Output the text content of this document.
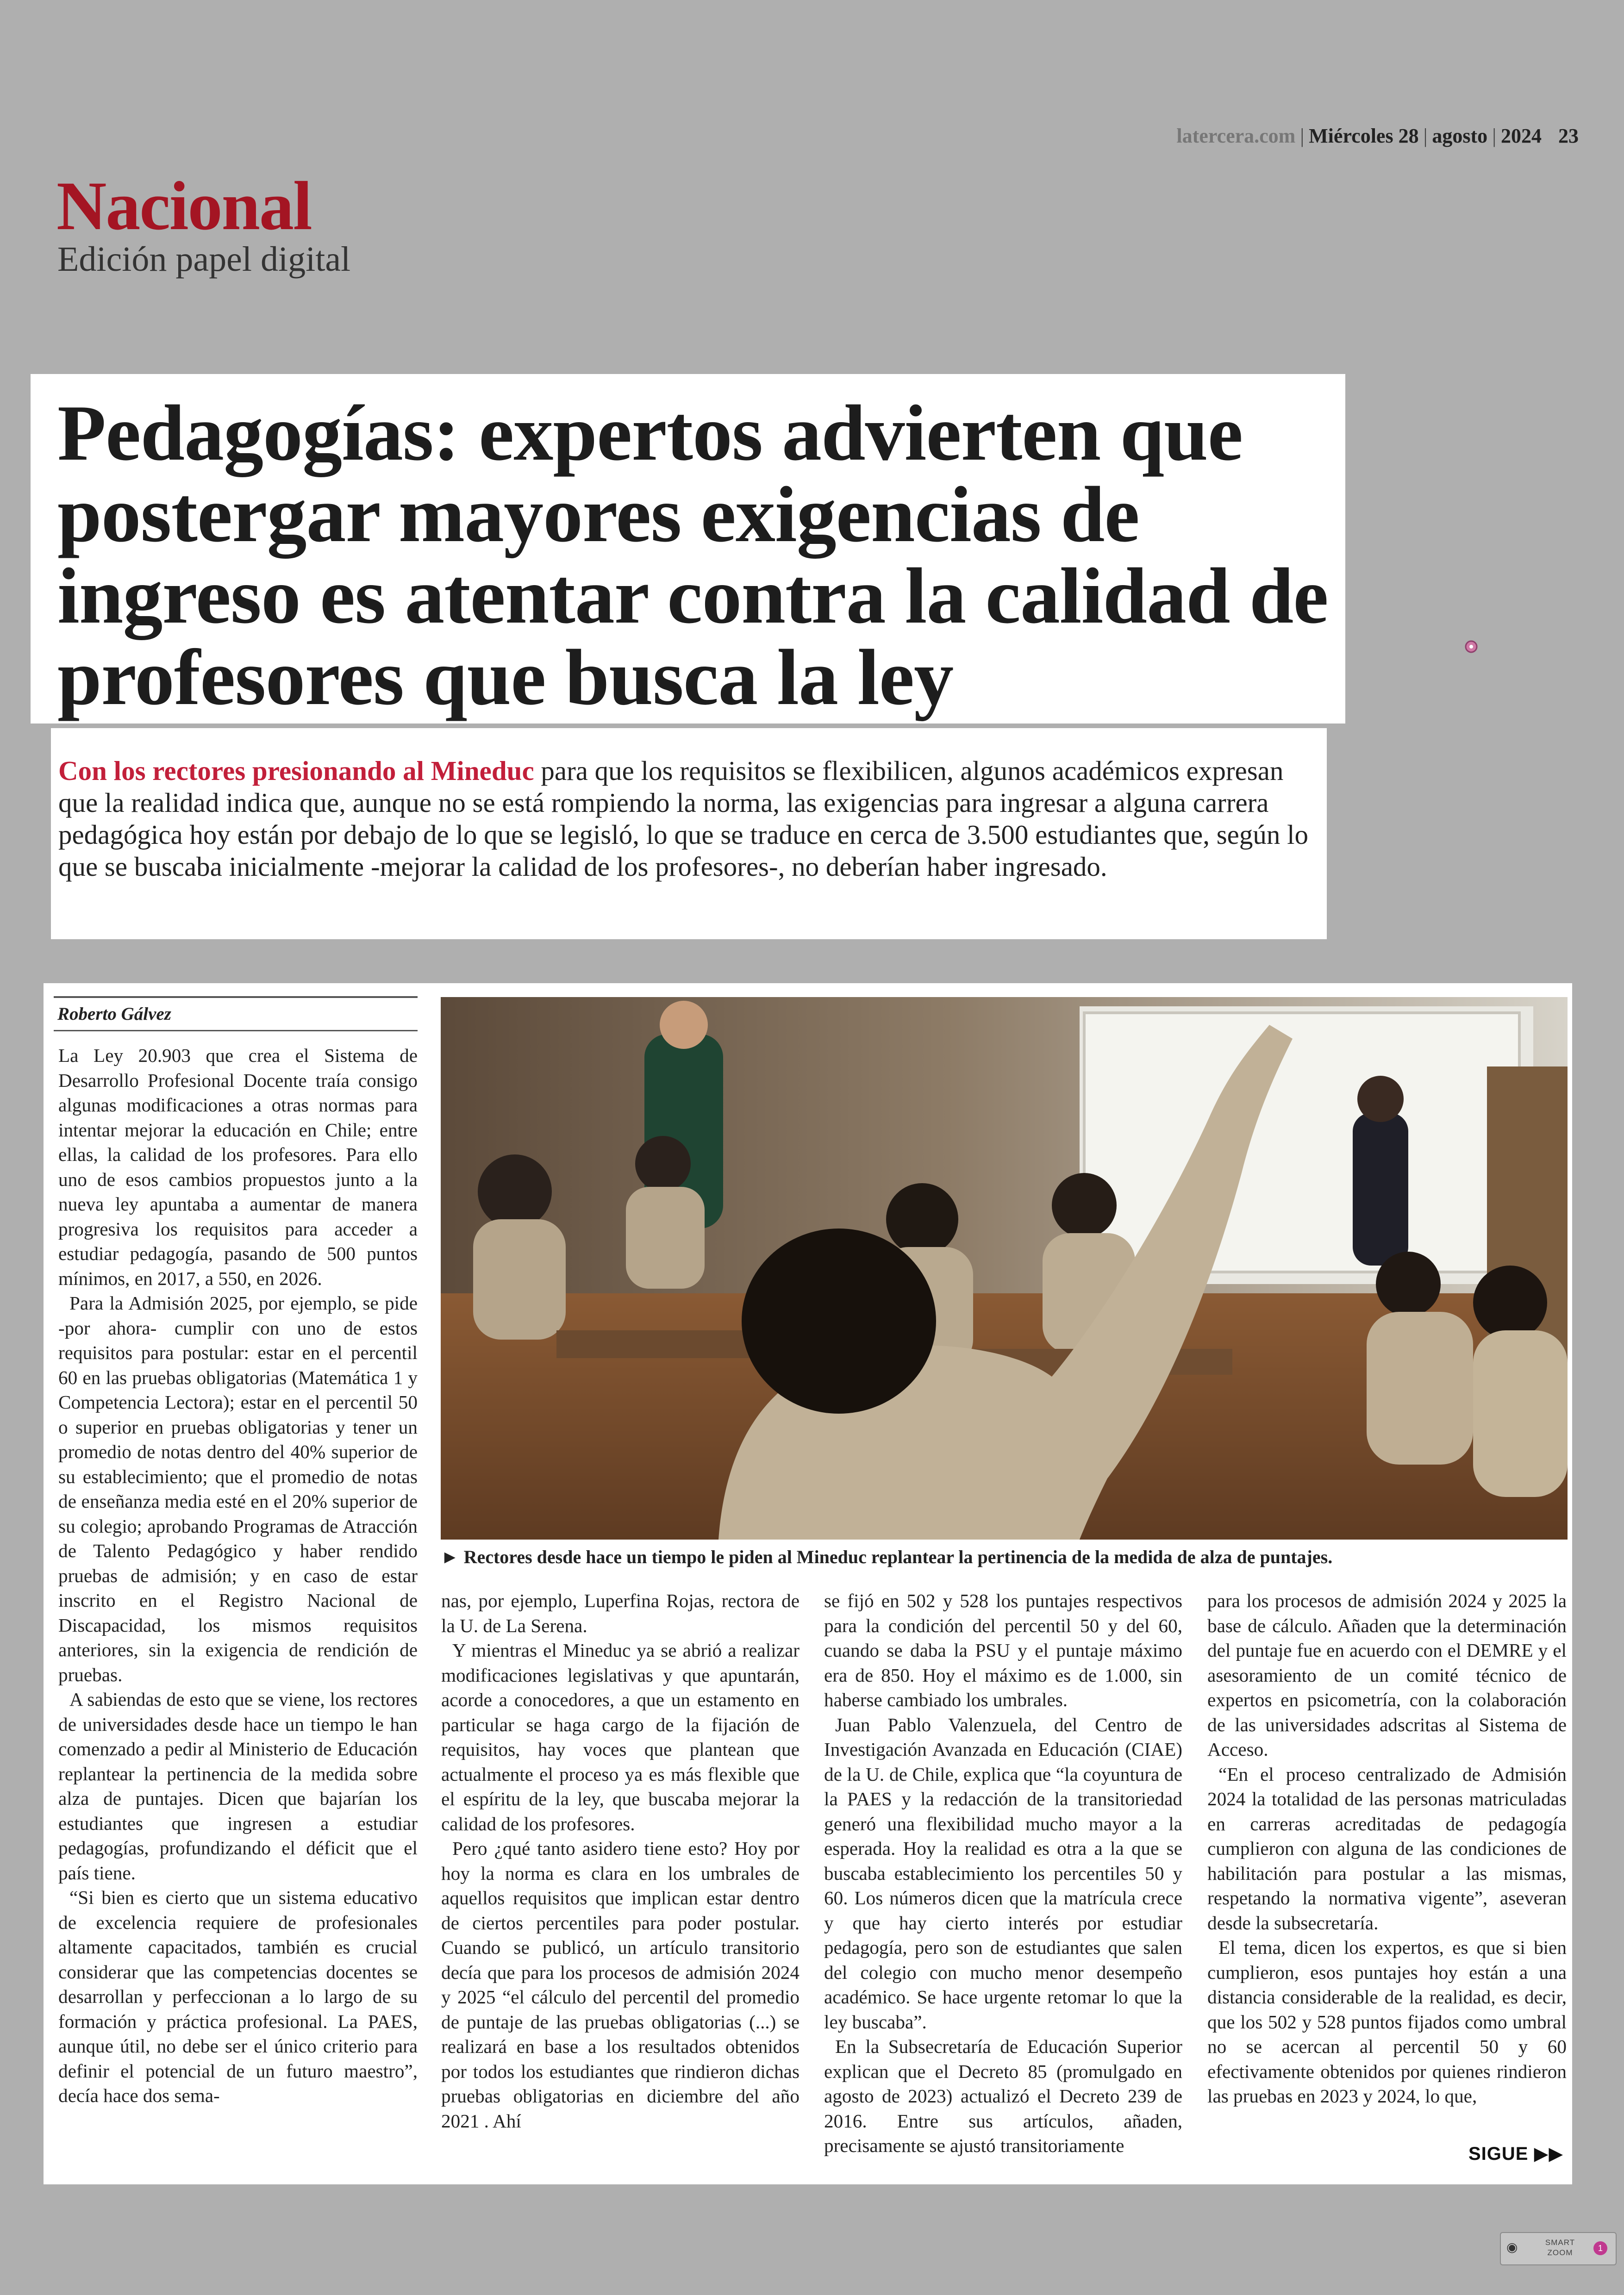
latercera.com | Miércoles 28 | agosto | 2024 23
Nacional
Edición papel digital
Pedagogías: expertos advierten que postergar mayores exigencias de ingreso es atentar contra la calidad de profesores que busca la ley

Con los rectores presionando al Mineduc para que los requisitos se flexibilicen, algunos académicos expresan que la realidad indica que, aunque no se está rompiendo la norma, las exigencias para ingresar a alguna carrera pedagógica hoy están por debajo de lo que se legisló, lo que se traduce en cerca de 3.500 estudiantes que, según lo que se buscaba inicialmente -mejorar la calidad de los profesores-, no deberían haber ingresado.

Roberto Gálvez

La Ley 20.903 que crea el Sistema de Desarrollo Profesional Docente traía consigo algunas modificaciones a otras normas para intentar mejorar la educación en Chile; entre ellas, la calidad de los profesores. Para ello uno de esos cambios propuestos junto a la nueva ley apuntaba a aumentar de manera progresiva los requisitos para acceder a estudiar pedagogía, pasando de 500 puntos mínimos, en 2017, a 550, en 2026.

Para la Admisión 2025, por ejemplo, se pide -por ahora- cumplir con uno de estos requisitos para postular: estar en el percentil 60 en las pruebas obligatorias (Matemática 1 y Competencia Lectora); estar en el percentil 50 o superior en pruebas obligatorias y tener un promedio de notas dentro del 40% superior de su establecimiento; que el promedio de notas de enseñanza media esté en el 20% superior de su colegio; aprobando Programas de Atracción de Talento Pedagógico y haber rendido pruebas de admisión; y en caso de estar inscrito en el Registro Nacional de Discapacidad, los mismos requisitos anteriores, sin la exigencia de rendición de pruebas.

A sabiendas de esto que se viene, los rectores de universidades desde hace un tiempo le han comenzado a pedir al Ministerio de Educación replantear la pertinencia de la medida sobre alza de puntajes. Dicen que bajarían los estudiantes que ingresen a estudiar pedagogías, profundizando el déficit que el país tiene.

“Si bien es cierto que un sistema educativo de excelencia requiere de profesionales altamente capacitados, también es crucial considerar que las competencias docentes se desarrollan y perfeccionan a lo largo de su formación y práctica profesional. La PAES, aunque útil, no debe ser el único criterio para definir el potencial de un futuro maestro”, decía hace dos sema-

► Rectores desde hace un tiempo le piden al Mineduc replantear la pertinencia de la medida de alza de puntajes.

nas, por ejemplo, Luperfina Rojas, rectora de la U. de La Serena.

Y mientras el Mineduc ya se abrió a realizar modificaciones legislativas y que apuntarán, acorde a conocedores, a que un estamento en particular se haga cargo de la fijación de requisitos, hay voces que plantean que actualmente el proceso ya es más flexible que el espíritu de la ley, que buscaba mejorar la calidad de los profesores.

Pero ¿qué tanto asidero tiene esto? Hoy por hoy la norma es clara en los umbrales de aquellos requisitos que implican estar dentro de ciertos percentiles para poder postular. Cuando se publicó, un artículo transitorio decía que para los procesos de admisión 2024 y 2025 “el cálculo del percentil del promedio de puntaje de las pruebas obligatorias (...) se realizará en base a los resultados obtenidos por todos los estudiantes que rindieron dichas pruebas obligatorias en diciembre del año 2021 . Ahí

se fijó en 502 y 528 los puntajes respectivos para la condición del percentil 50 y del 60, cuando se daba la PSU y el puntaje máximo era de 850. Hoy el máximo es de 1.000, sin haberse cambiado los umbrales.

Juan Pablo Valenzuela, del Centro de Investigación Avanzada en Educación (CIAE) de la U. de Chile, explica que “la coyuntura de la PAES y la redacción de la transitoriedad generó una flexibilidad mucho mayor a la esperada. Hoy la realidad es otra a la que se buscaba establecimiento los percentiles 50 y 60. Los números dicen que la matrícula crece y que hay cierto interés por estudiar pedagogía, pero son de estudiantes que salen del colegio con mucho menor desempeño académico. Se hace urgente retomar lo que la ley buscaba”.

En la Subsecretaría de Educación Superior explican que el Decreto 85 (promulgado en agosto de 2023) actualizó el Decreto 239 de 2016. Entre sus artículos, añaden, precisamente se ajustó transitoriamente

para los procesos de admisión 2024 y 2025 la base de cálculo. Añaden que la determinación del puntaje fue en acuerdo con el DEMRE y el asesoramiento de un comité técnico de expertos en psicometría, con la colaboración de las universidades adscritas al Sistema de Acceso.

“En el proceso centralizado de Admisión 2024 la totalidad de las personas matriculadas en carreras acreditadas de pedagogía cumplieron con alguna de las condiciones de habilitación para postular a las mismas, respetando la normativa vigente”, aseveran desde la subsecretaría.

El tema, dicen los expertos, es que si bien cumplieron, esos puntajes hoy están a una distancia considerable de la realidad, es decir, que los 502 y 528 puntos fijados como umbral no se acercan al percentil 50 y 60 efectivamente obtenidos por quienes rindieron las pruebas en 2023 y 2024, lo que,

SIGUE ▶▶
◉	SMART
ZOOM	1
